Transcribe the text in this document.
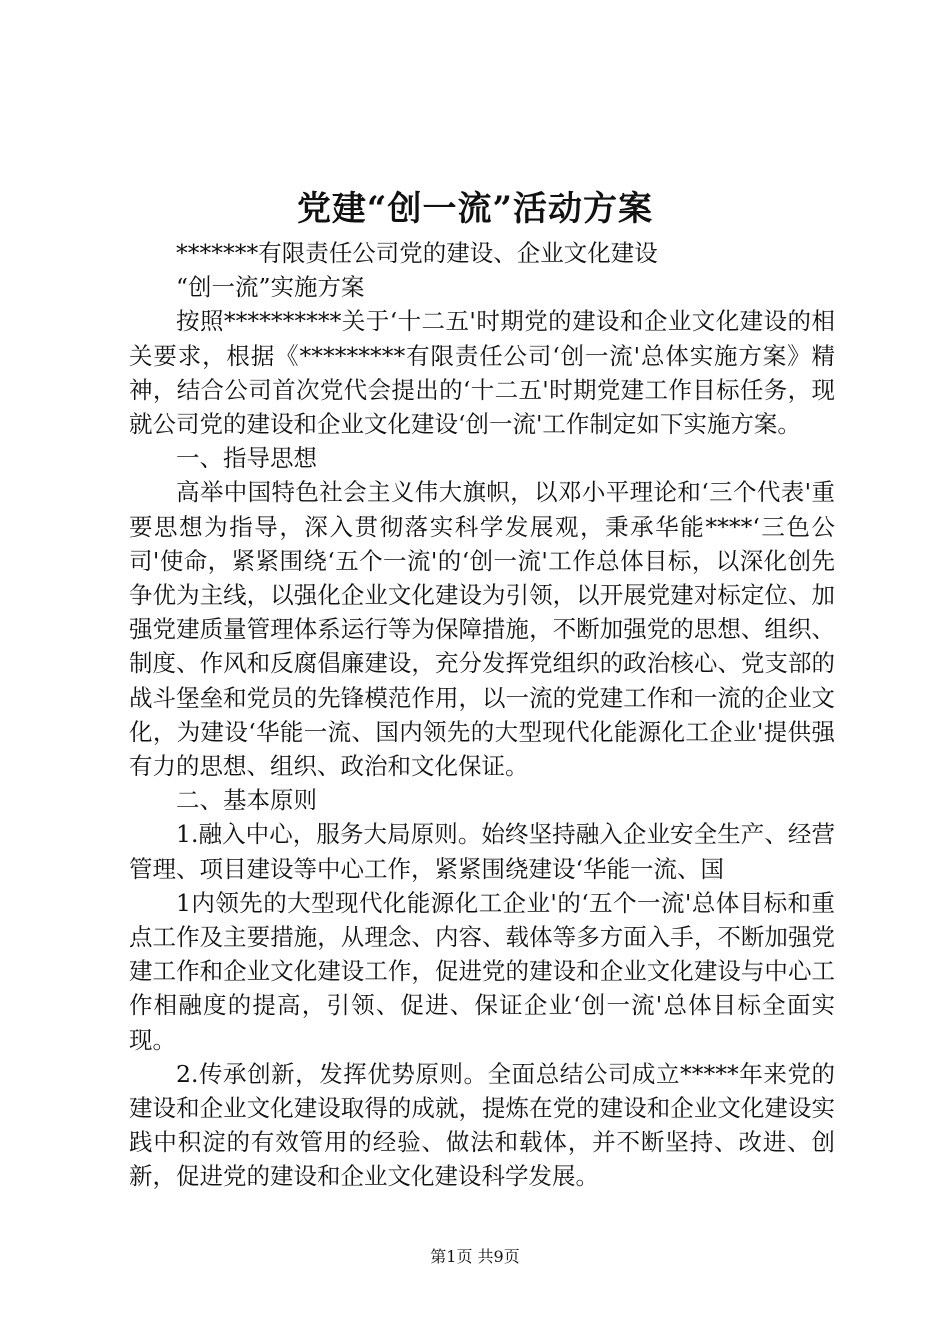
党建“创一流”活动方案

*******有限责任公司党的建设、企业文化建设

“创一流”实施方案

按照**********关于‘十二五'时期党的建设和企业文化建设的相关要求，根据《*********有限责任公司‘创一流'总体实施方案》精神，结合公司首次党代会提出的‘十二五'时期党建工作目标任务，现就公司党的建设和企业文化建设‘创一流'工作制定如下实施方案。

一、指导思想

高举中国特色社会主义伟大旗帜，以邓小平理论和‘三个代表'重要思想为指导，深入贯彻落实科学发展观，秉承华能****‘三色公司'使命，紧紧围绕‘五个一流'的‘创一流'工作总体目标，以深化创先争优为主线，以强化企业文化建设为引领，以开展党建对标定位、加强党建质量管理体系运行等为保障措施，不断加强党的思想、组织、制度、作风和反腐倡廉建设，充分发挥党组织的政治核心、党支部的战斗堡垒和党员的先锋模范作用，以一流的党建工作和一流的企业文化，为建设‘华能一流、国内领先的大型现代化能源化工企业'提供强有力的思想、组织、政治和文化保证。

二、基本原则

1.融入中心，服务大局原则。始终坚持融入企业安全生产、经营管理、项目建设等中心工作，紧紧围绕建设‘华能一流、国

1内领先的大型现代化能源化工企业'的‘五个一流'总体目标和重点工作及主要措施，从理念、内容、载体等多方面入手，不断加强党建工作和企业文化建设工作，促进党的建设和企业文化建设与中心工作相融度的提高，引领、促进、保证企业‘创一流'总体目标全面实现。

2.传承创新，发挥优势原则。全面总结公司成立*****年来党的建设和企业文化建设取得的成就，提炼在党的建设和企业文化建设实践中积淀的有效管用的经验、做法和载体，并不断坚持、改进、创新，促进党的建设和企业文化建设科学发展。

第1页 共9页
